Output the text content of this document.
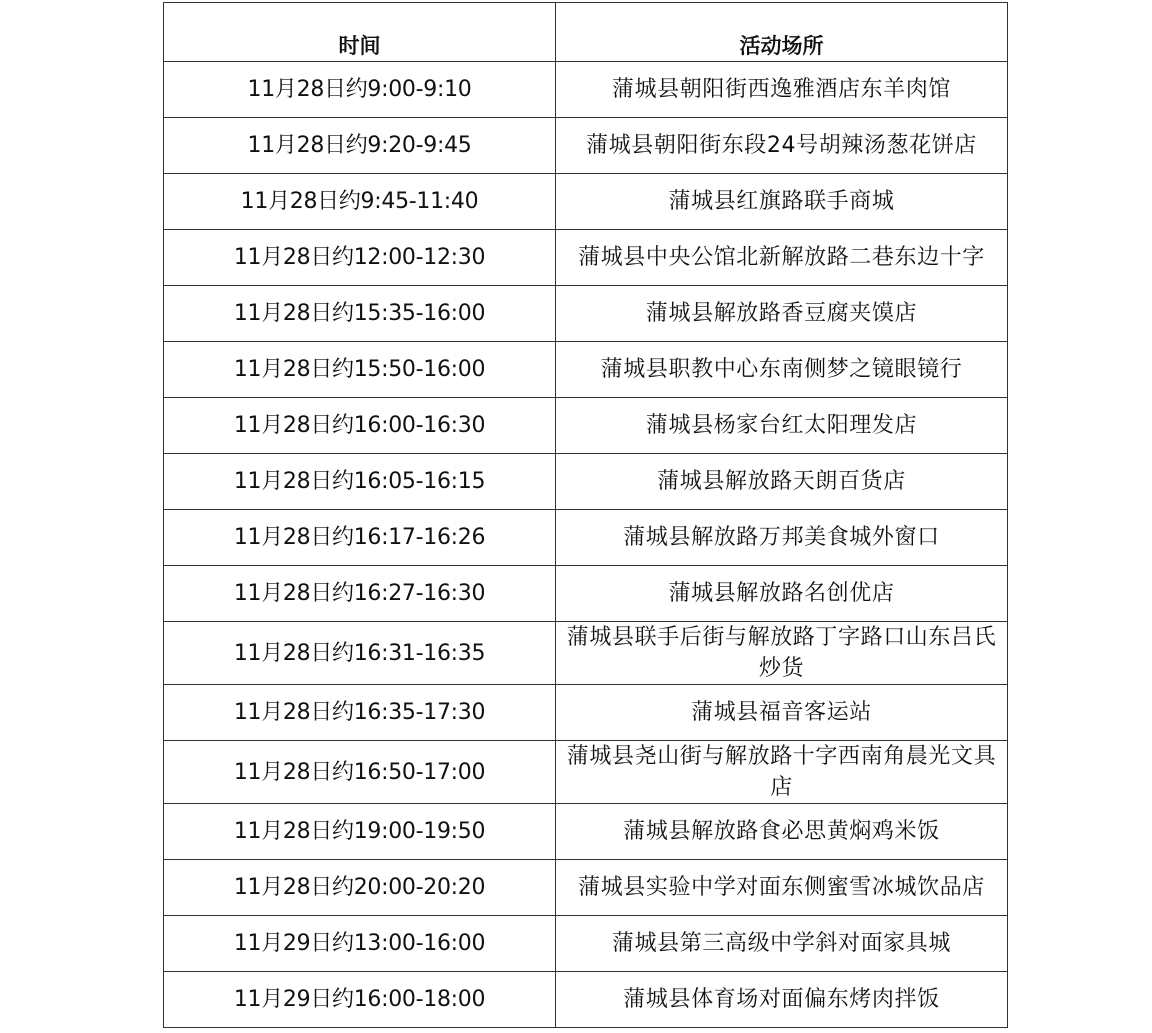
时间	活动场所
11月28日约9:00-9:10	蒲城县朝阳街西逸雅酒店东羊肉馆
11月28日约9:20-9:45	蒲城县朝阳街东段24号胡辣汤葱花饼店
11月28日约9:45-11:40	蒲城县红旗路联手商城
11月28日约12:00-12:30	蒲城县中央公馆北新解放路二巷东边十字
11月28日约15:35-16:00	蒲城县解放路香豆腐夹馍店
11月28日约15:50-16:00	蒲城县职教中心东南侧梦之镜眼镜行
11月28日约16:00-16:30	蒲城县杨家台红太阳理发店
11月28日约16:05-16:15	蒲城县解放路天朗百货店
11月28日约16:17-16:26	蒲城县解放路万邦美食城外窗口
11月28日约16:27-16:30	蒲城县解放路名创优店
11月28日约16:31-16:35	蒲城县联手后街与解放路丁字路口山东吕氏炒货
11月28日约16:35-17:30	蒲城县福音客运站
11月28日约16:50-17:00	蒲城县尧山街与解放路十字西南角晨光文具店
11月28日约19:00-19:50	蒲城县解放路食必思黄焖鸡米饭
11月28日约20:00-20:20	蒲城县实验中学对面东侧蜜雪冰城饮品店
11月29日约13:00-16:00	蒲城县第三高级中学斜对面家具城
11月29日约16:00-18:00	蒲城县体育场对面偏东烤肉拌饭
